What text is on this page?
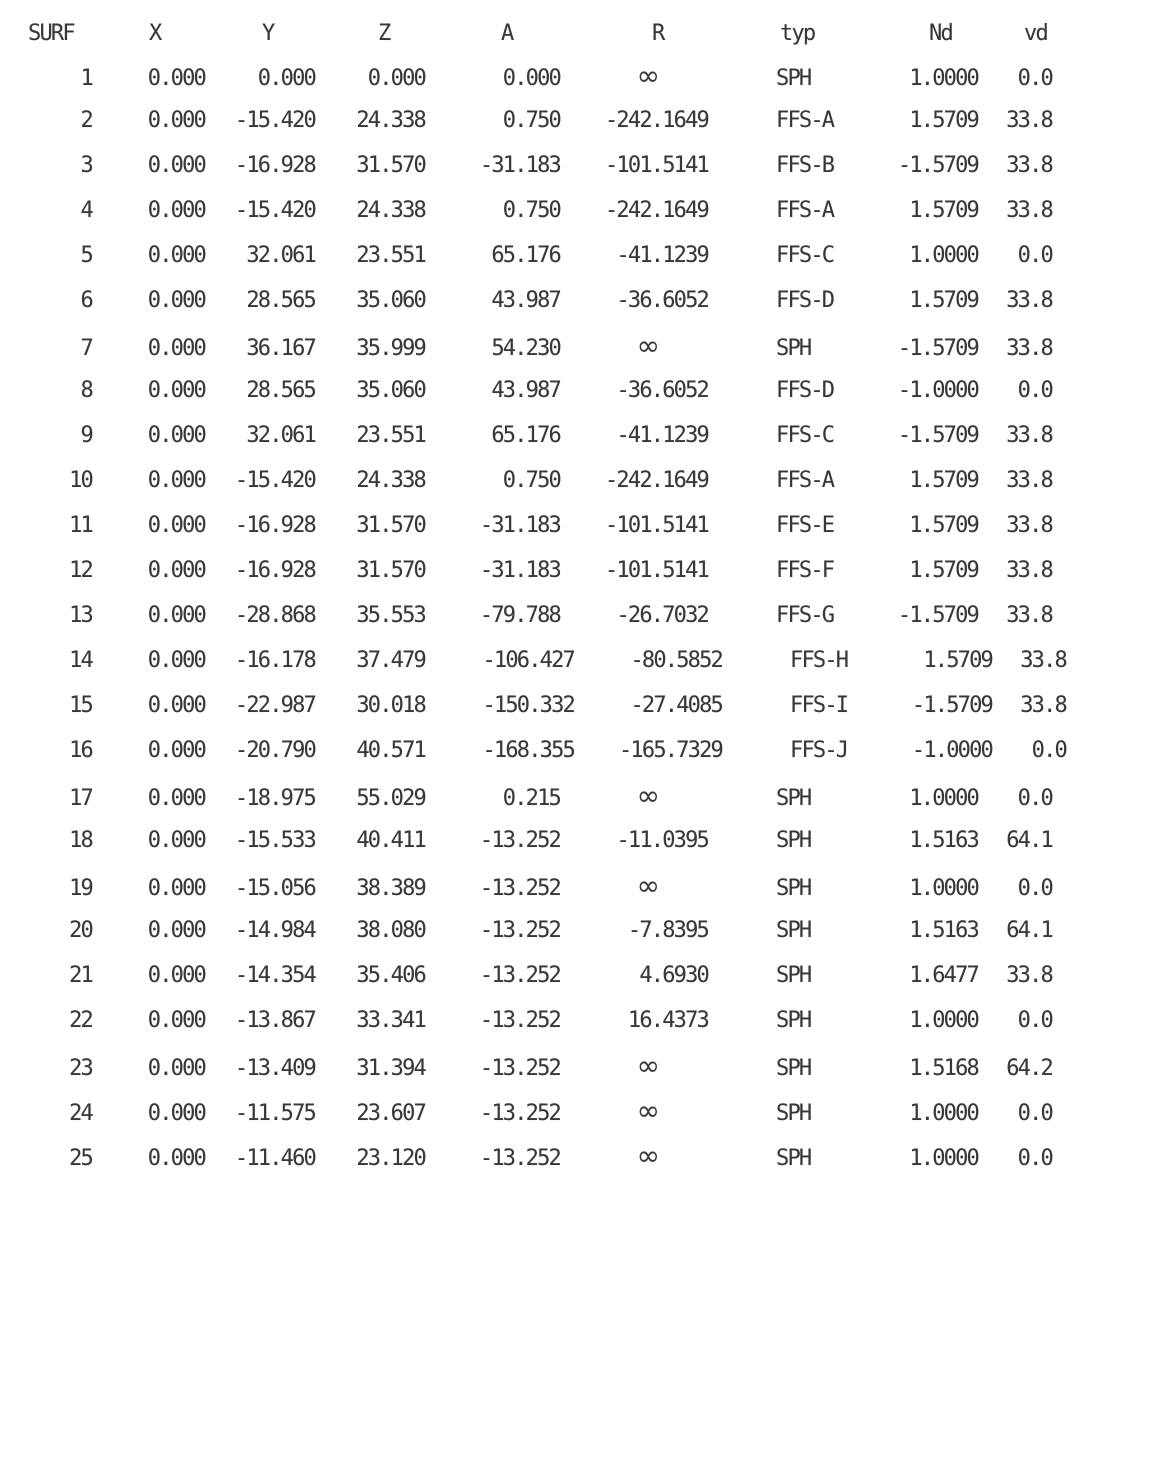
SURF	X	Y	Z	A	R	typ	Nd	vd
1	0.000	0.000	0.000	0.000	∞	SPH	1.0000	0.0
2	0.000	-15.420	24.338	0.750	-242.1649	FFS-A	1.5709	33.8
3	0.000	-16.928	31.570	-31.183	-101.5141	FFS-B	-1.5709	33.8
4	0.000	-15.420	24.338	0.750	-242.1649	FFS-A	1.5709	33.8
5	0.000	32.061	23.551	65.176	-41.1239	FFS-C	1.0000	0.0
6	0.000	28.565	35.060	43.987	-36.6052	FFS-D	1.5709	33.8
7	0.000	36.167	35.999	54.230	∞	SPH	-1.5709	33.8
8	0.000	28.565	35.060	43.987	-36.6052	FFS-D	-1.0000	0.0
9	0.000	32.061	23.551	65.176	-41.1239	FFS-C	-1.5709	33.8
10	0.000	-15.420	24.338	0.750	-242.1649	FFS-A	1.5709	33.8
11	0.000	-16.928	31.570	-31.183	-101.5141	FFS-E	1.5709	33.8
12	0.000	-16.928	31.570	-31.183	-101.5141	FFS-F	1.5709	33.8
13	0.000	-28.868	35.553	-79.788	-26.7032	FFS-G	-1.5709	33.8
14	0.000	-16.178	37.479	-106.427	-80.5852	FFS-H	1.5709	33.8
15	0.000	-22.987	30.018	-150.332	-27.4085	FFS-I	-1.5709	33.8
16	0.000	-20.790	40.571	-168.355	-165.7329	FFS-J	-1.0000	0.0
17	0.000	-18.975	55.029	0.215	∞	SPH	1.0000	0.0
18	0.000	-15.533	40.411	-13.252	-11.0395	SPH	1.5163	64.1
19	0.000	-15.056	38.389	-13.252	∞	SPH	1.0000	0.0
20	0.000	-14.984	38.080	-13.252	-7.8395	SPH	1.5163	64.1
21	0.000	-14.354	35.406	-13.252	4.6930	SPH	1.6477	33.8
22	0.000	-13.867	33.341	-13.252	16.4373	SPH	1.0000	0.0
23	0.000	-13.409	31.394	-13.252	∞	SPH	1.5168	64.2
24	0.000	-11.575	23.607	-13.252	∞	SPH	1.0000	0.0
25	0.000	-11.460	23.120	-13.252	∞	SPH	1.0000	0.0
